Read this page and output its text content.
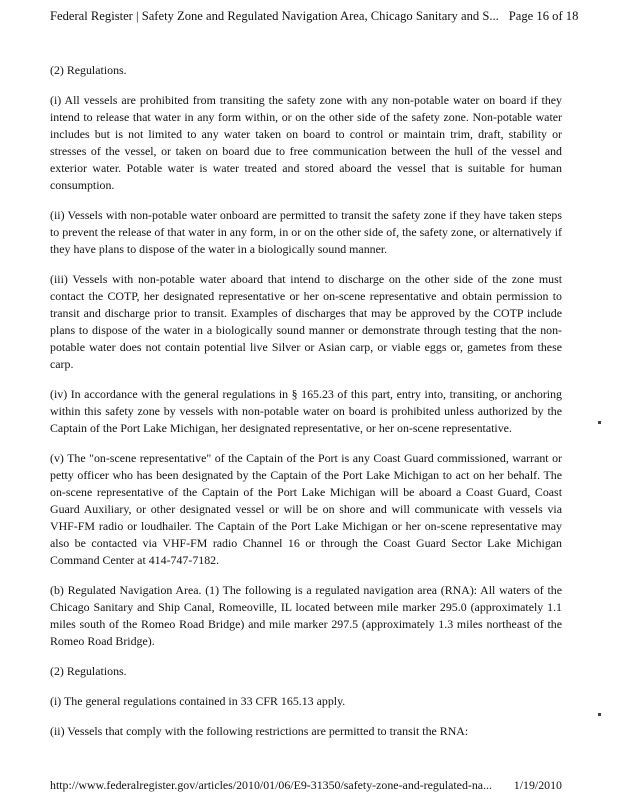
Federal Register | Safety Zone and Regulated Navigation Area, Chicago Sanitary and S... Page 16 of 18

(2) Regulations.

(i) All vessels are prohibited from transiting the safety zone with any non-potable water on board if they intend to release that water in any form within, or on the other side of the safety zone. Non-potable water includes but is not limited to any water taken on board to control or maintain trim, draft, stability or stresses of the vessel, or taken on board due to free communication between the hull of the vessel and exterior water. Potable water is water treated and stored aboard the vessel that is suitable for human consumption.

(ii) Vessels with non-potable water onboard are permitted to transit the safety zone if they have taken steps to prevent the release of that water in any form, in or on the other side of, the safety zone, or alternatively if they have plans to dispose of the water in a biologically sound manner.

(iii) Vessels with non-potable water aboard that intend to discharge on the other side of the zone must contact the COTP, her designated representative or her on-scene representative and obtain permission to transit and discharge prior to transit. Examples of discharges that may be approved by the COTP include plans to dispose of the water in a biologically sound manner or demonstrate through testing that the non-potable water does not contain potential live Silver or Asian carp, or viable eggs or, gametes from these carp.

(iv) In accordance with the general regulations in § 165.23 of this part, entry into, transiting, or anchoring within this safety zone by vessels with non-potable water on board is prohibited unless authorized by the Captain of the Port Lake Michigan, her designated representative, or her on-scene representative.

(v) The "on-scene representative" of the Captain of the Port is any Coast Guard commissioned, warrant or petty officer who has been designated by the Captain of the Port Lake Michigan to act on her behalf. The on-scene representative of the Captain of the Port Lake Michigan will be aboard a Coast Guard, Coast Guard Auxiliary, or other designated vessel or will be on shore and will communicate with vessels via VHF-FM radio or loudhailer. The Captain of the Port Lake Michigan or her on-scene representative may also be contacted via VHF-FM radio Channel 16 or through the Coast Guard Sector Lake Michigan Command Center at 414-747-7182.

(b) Regulated Navigation Area. (1) The following is a regulated navigation area (RNA): All waters of the Chicago Sanitary and Ship Canal, Romeoville, IL located between mile marker 295.0 (approximately 1.1 miles south of the Romeo Road Bridge) and mile marker 297.5 (approximately 1.3 miles northeast of the Romeo Road Bridge).

(2) Regulations.

(i) The general regulations contained in 33 CFR 165.13 apply.

(ii) Vessels that comply with the following restrictions are permitted to transit the RNA:

http://www.federalregister.gov/articles/2010/01/06/E9-31350/safety-zone-and-regulated-na... 1/19/2010
